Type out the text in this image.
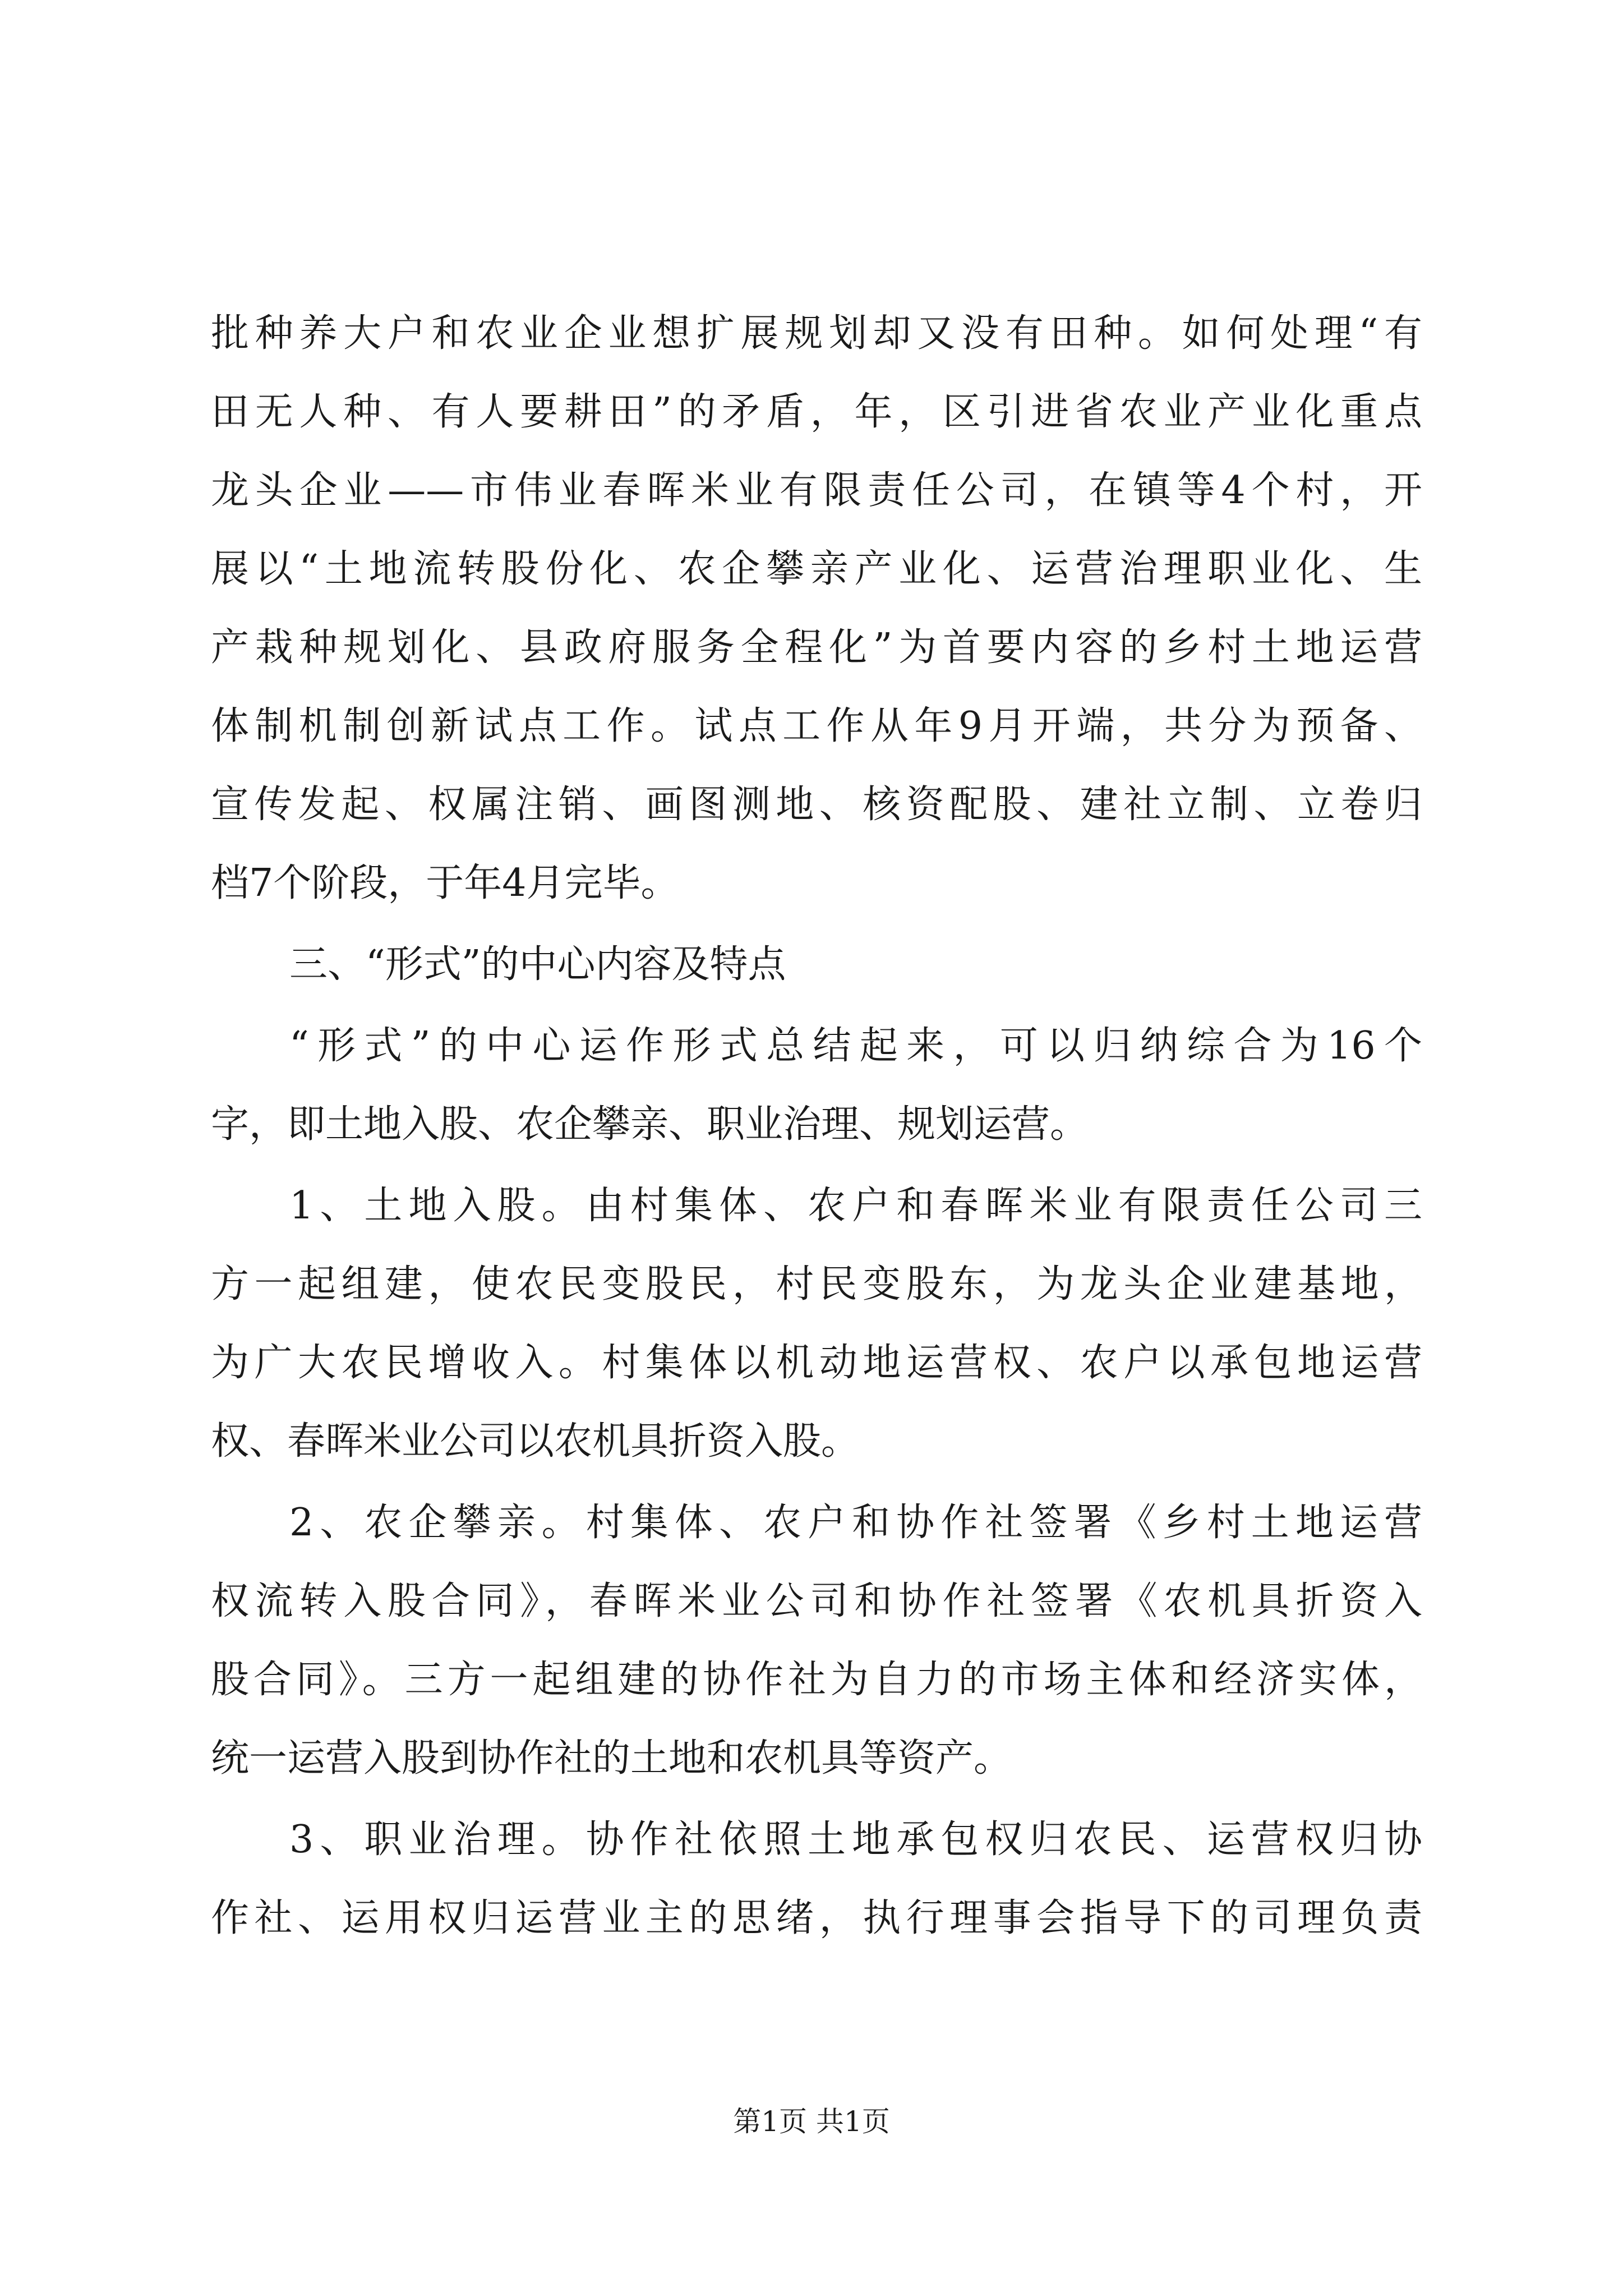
批种养大户和农业企业想扩展规划却又没有田种。如何处理“有
田无人种、有人要耕田”的矛盾，年，区引进省农业产业化重点
龙头企业——市伟业春晖米业有限责任公司，在镇等4个村，开
展以“土地流转股份化、农企攀亲产业化、运营治理职业化、生
产栽种规划化、县政府服务全程化”为首要内容的乡村土地运营
体制机制创新试点工作。试点工作从年9月开端，共分为预备、
宣传发起、权属注销、画图测地、核资配股、建社立制、立卷归
档7个阶段，于年4月完毕。
三、“形式”的中心内容及特点
“形式”的中心运作形式总结起来，可以归纳综合为16个
字，即土地入股、农企攀亲、职业治理、规划运营。
1、土地入股。由村集体、农户和春晖米业有限责任公司三
方一起组建，使农民变股民，村民变股东，为龙头企业建基地，
为广大农民增收入。村集体以机动地运营权、农户以承包地运营
权、春晖米业公司以农机具折资入股。
2、农企攀亲。村集体、农户和协作社签署《乡村土地运营
权流转入股合同》，春晖米业公司和协作社签署《农机具折资入
股合同》。三方一起组建的协作社为自力的市场主体和经济实体，
统一运营入股到协作社的土地和农机具等资产。
3、职业治理。协作社依照土地承包权归农民、运营权归协
作社、运用权归运营业主的思绪，执行理事会指导下的司理负责
第1页 共1页
